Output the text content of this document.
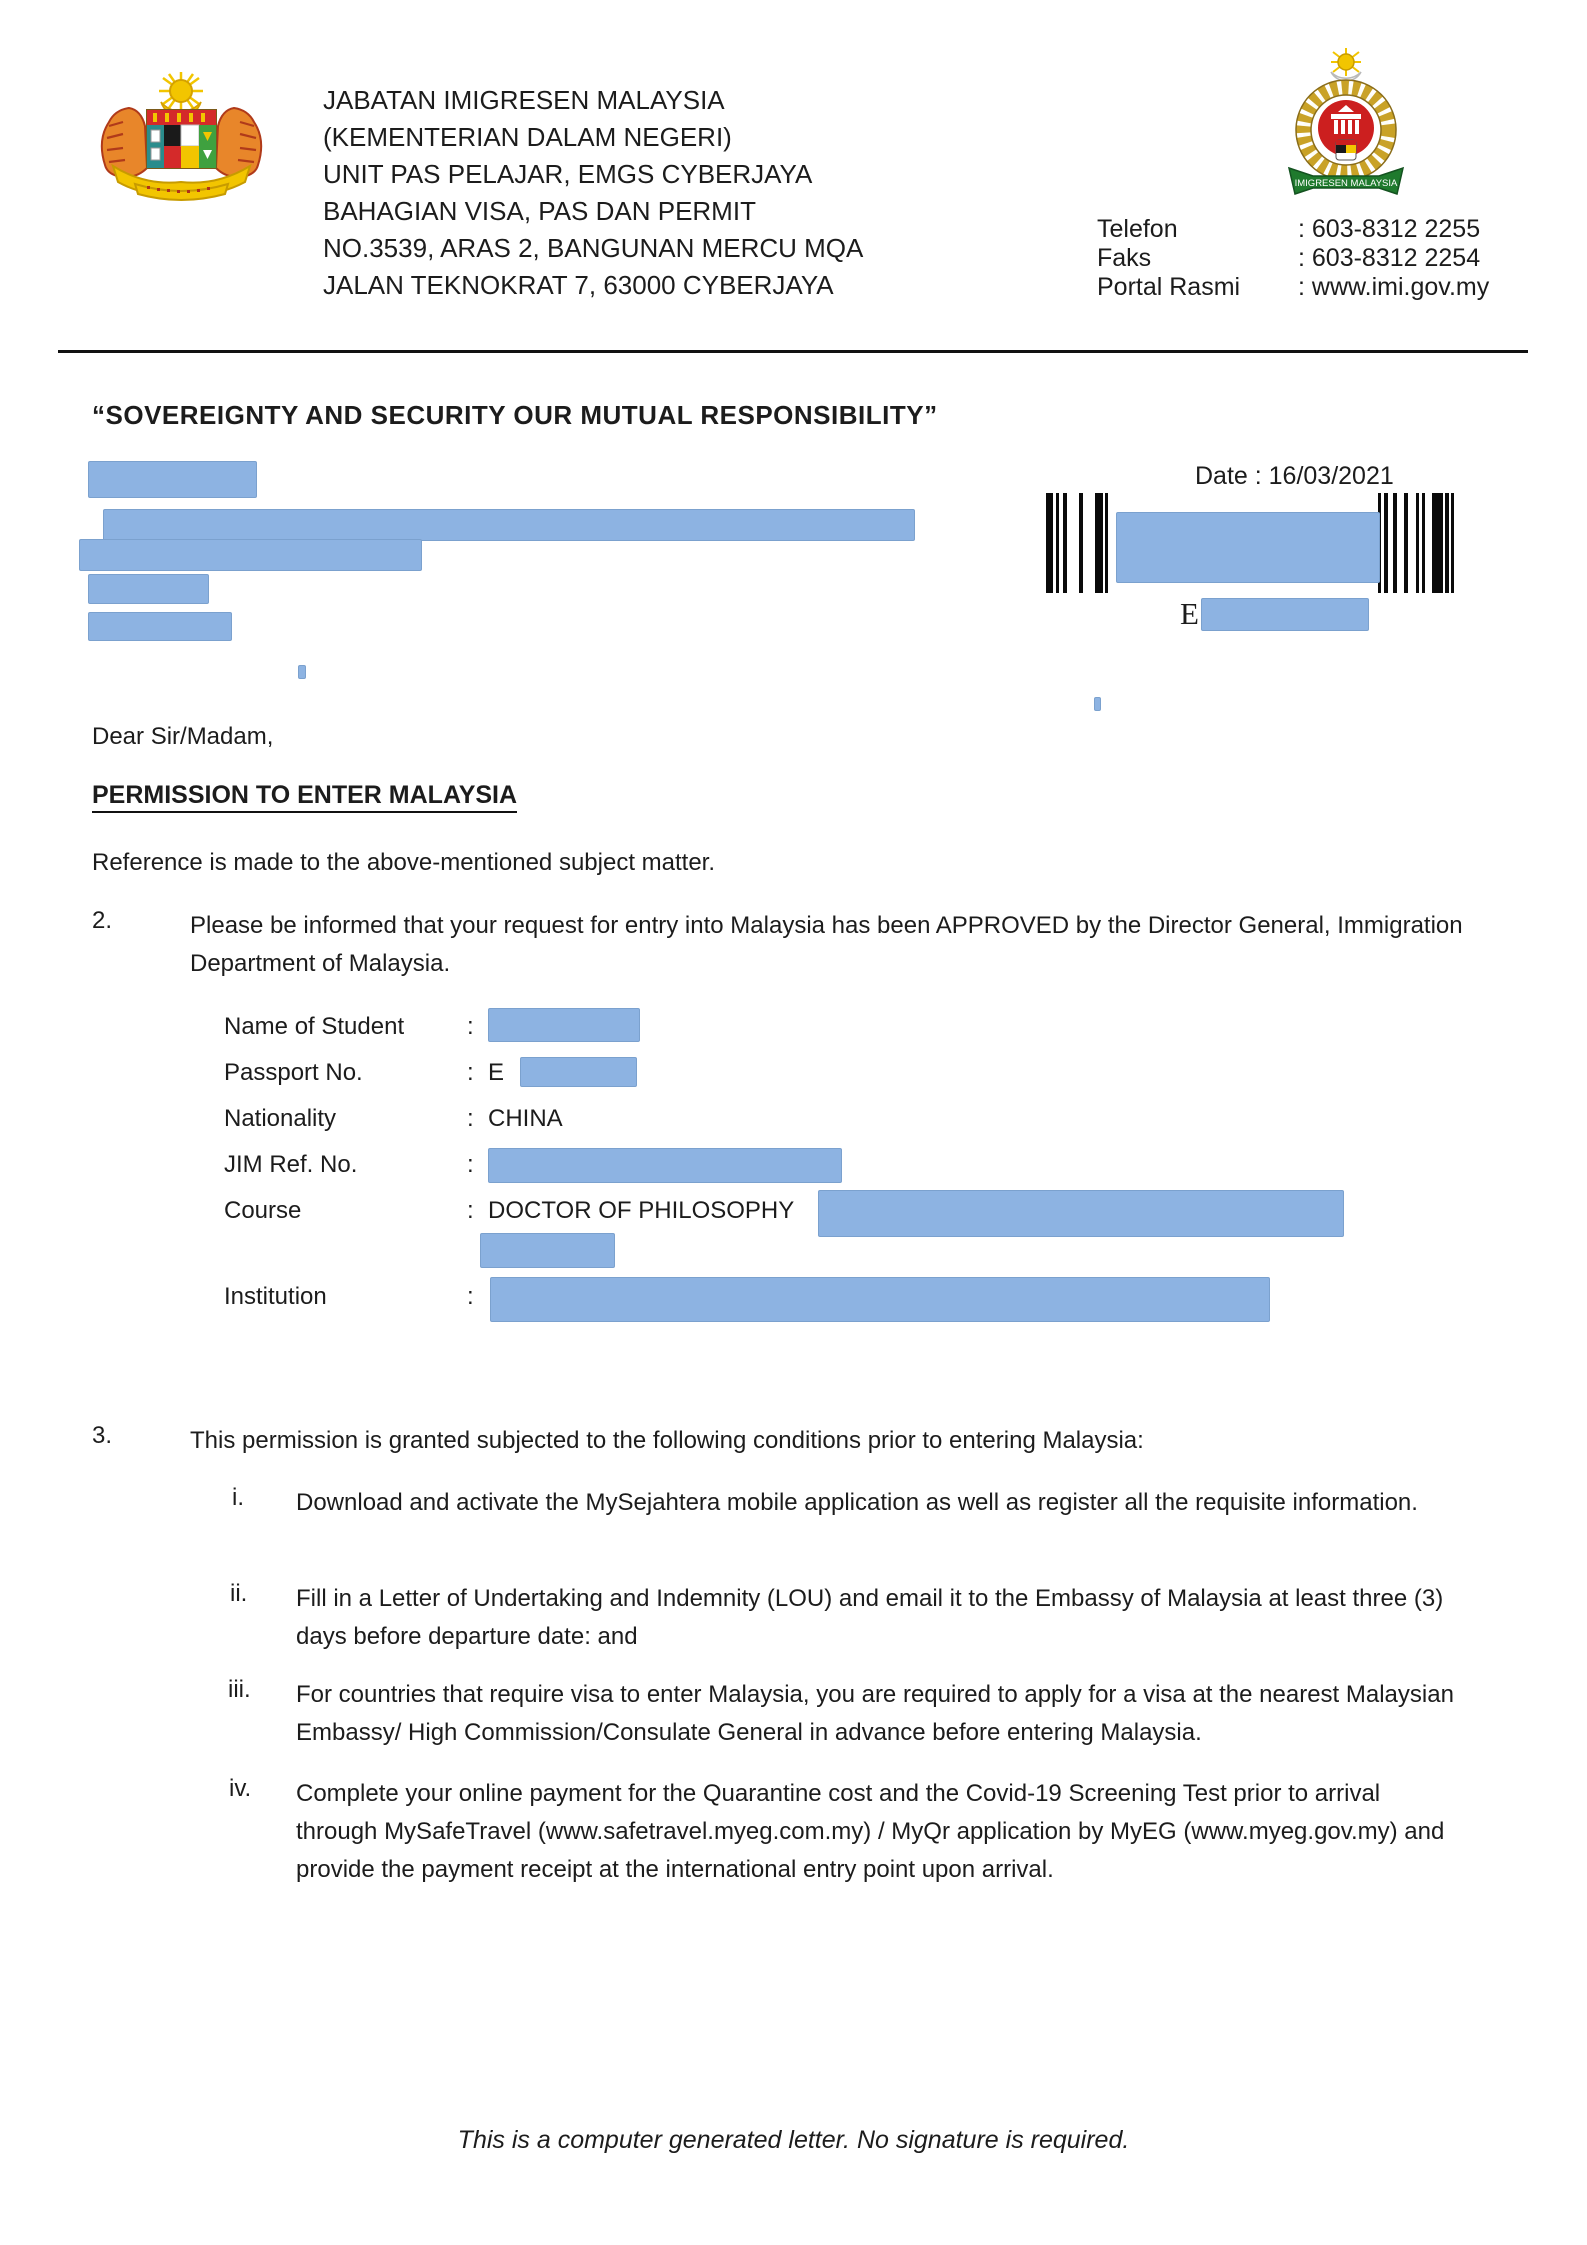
JABATAN IMIGRESEN MALAYSIA
(KEMENTERIAN DALAM NEGERI)
UNIT PAS PELAJAR, EMGS CYBERJAYA
BAHAGIAN VISA, PAS DAN PERMIT
NO.3539, ARAS 2, BANGUNAN MERCU MQA
JALAN TEKNOKRAT 7, 63000 CYBERJAYA
IMIGRESEN MALAYSIA
Telefon	: 603-8312 2255
Faks	: 603-8312 2254
Portal Rasmi : www.imi.gov.my
“SOVEREIGNTY AND SECURITY OUR MUTUAL RESPONSIBILITY”
Date : 16/03/2021
E
Dear Sir/Madam,
PERMISSION TO ENTER MALAYSIA
Reference is made to the above-mentioned subject matter.
2.	Please be informed that your request for entry into Malaysia has been APPROVED by the Director General, Immigration Department of Malaysia.
Name of Student	:
Passport No.	: E
Nationality	: CHINA
JIM Ref. No.	:
Course	: DOCTOR OF PHILOSOPHY
Institution	:
3.	This permission is granted subjected to the following conditions prior to entering Malaysia:
i. Download and activate the MySejahtera mobile application as well as register all the requisite information.
ii. Fill in a Letter of Undertaking and Indemnity (LOU) and email it to the Embassy of Malaysia at least three (3) days before departure date: and
iii. For countries that require visa to enter Malaysia, you are required to apply for a visa at the nearest Malaysian Embassy/ High Commission/Consulate General in advance before entering Malaysia.
iv. Complete your online payment for the Quarantine cost and the Covid-19 Screening Test prior to arrival through MySafeTravel (www.safetravel.myeg.com.my) / MyQr application by MyEG (www.myeg.gov.my) and provide the payment receipt at the international entry point upon arrival.
This is a computer generated letter. No signature is required.
